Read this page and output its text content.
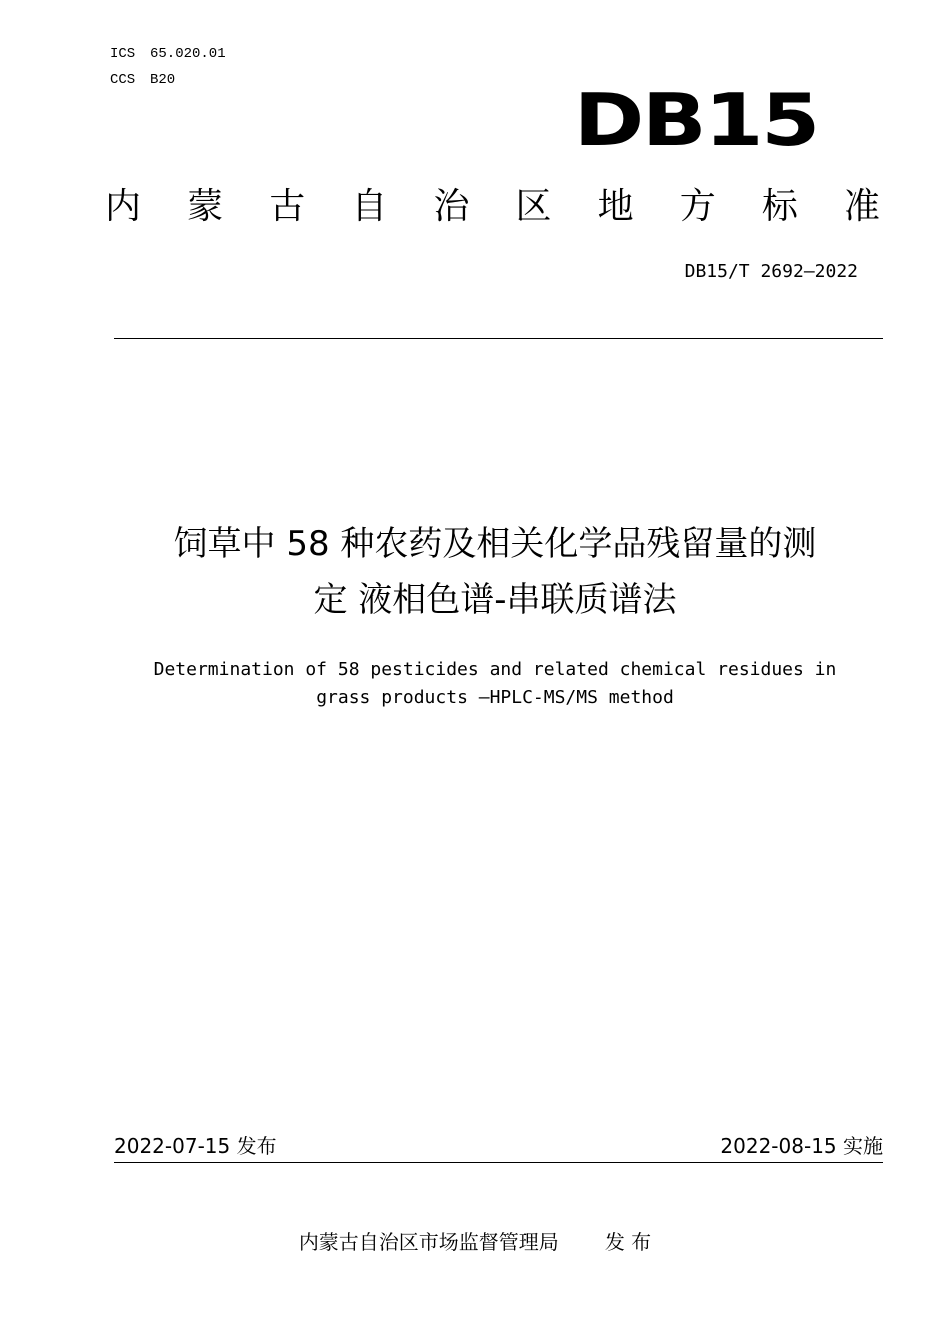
ICS 65.020.01
CCS B20	DB15
内 蒙 古 自 治 区 地 方 标 准
DB15/T 2692—2022
饲草中 58 种农药及相关化学品残留量的测
定 液相色谱-串联质谱法
Determination of 58 pesticides and related chemical residues in
grass products —HPLC-MS/MS method
2022-07-15 发布	2022-08-15 实施
内蒙古自治区市场监督管理局 发 布
